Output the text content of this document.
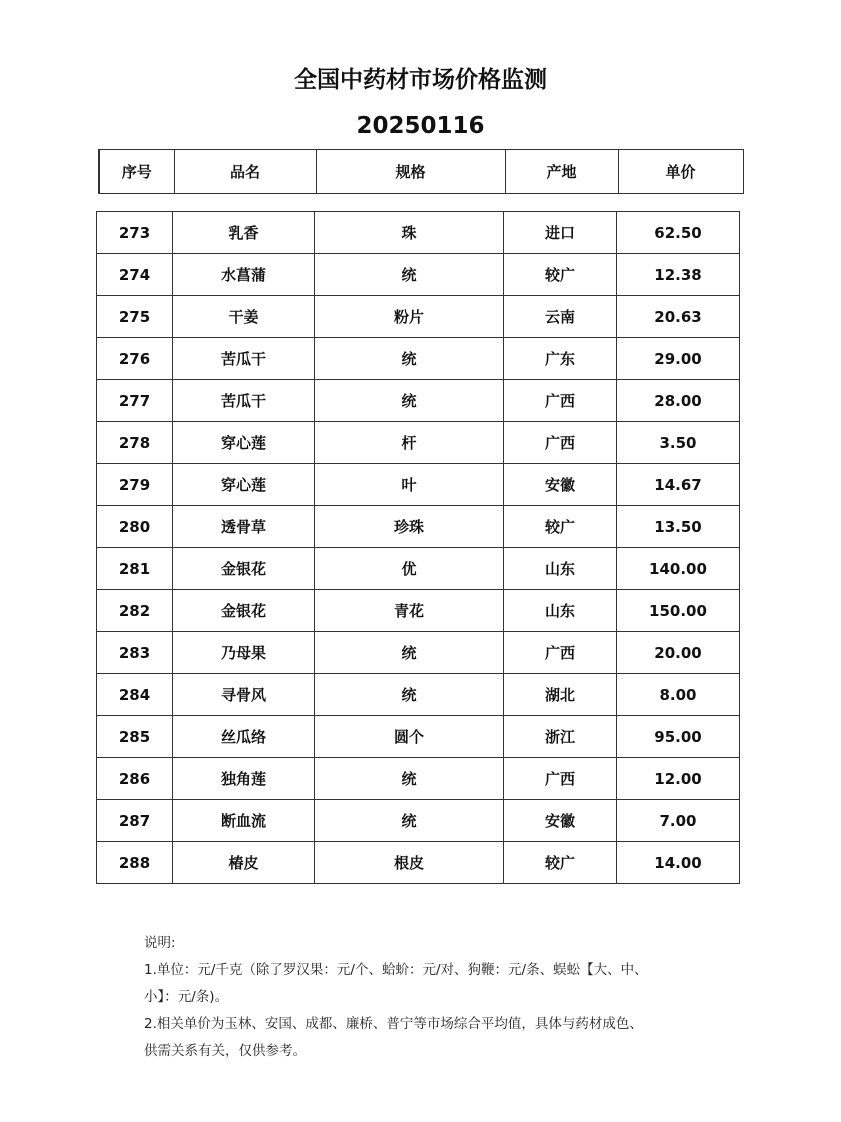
全国中药材市场价格监测
20250116
序号	品名	规格	产地	单价
273	乳香	珠	进口	62.50
274	水菖蒲	统	较广	12.38
275	干姜	粉片	云南	20.63
276	苦瓜干	统	广东	29.00
277	苦瓜干	统	广西	28.00
278	穿心莲	杆	广西	3.50
279	穿心莲	叶	安徽	14.67
280	透骨草	珍珠	较广	13.50
281	金银花	优	山东	140.00
282	金银花	青花	山东	150.00
283	乃母果	统	广西	20.00
284	寻骨风	统	湖北	8.00
285	丝瓜络	圆个	浙江	95.00
286	独角莲	统	广西	12.00
287	断血流	统	安徽	7.00
288	椿皮	根皮	较广	14.00
说明:
1.单位：元/千克（除了罗汉果：元/个、蛤蚧：元/对、狗鞭：元/条、蜈蚣【大、中、
小】：元/条)。
2.相关单价为玉林、安国、成都、廉桥、普宁等市场综合平均值，具体与药材成色、
供需关系有关，仅供参考。
